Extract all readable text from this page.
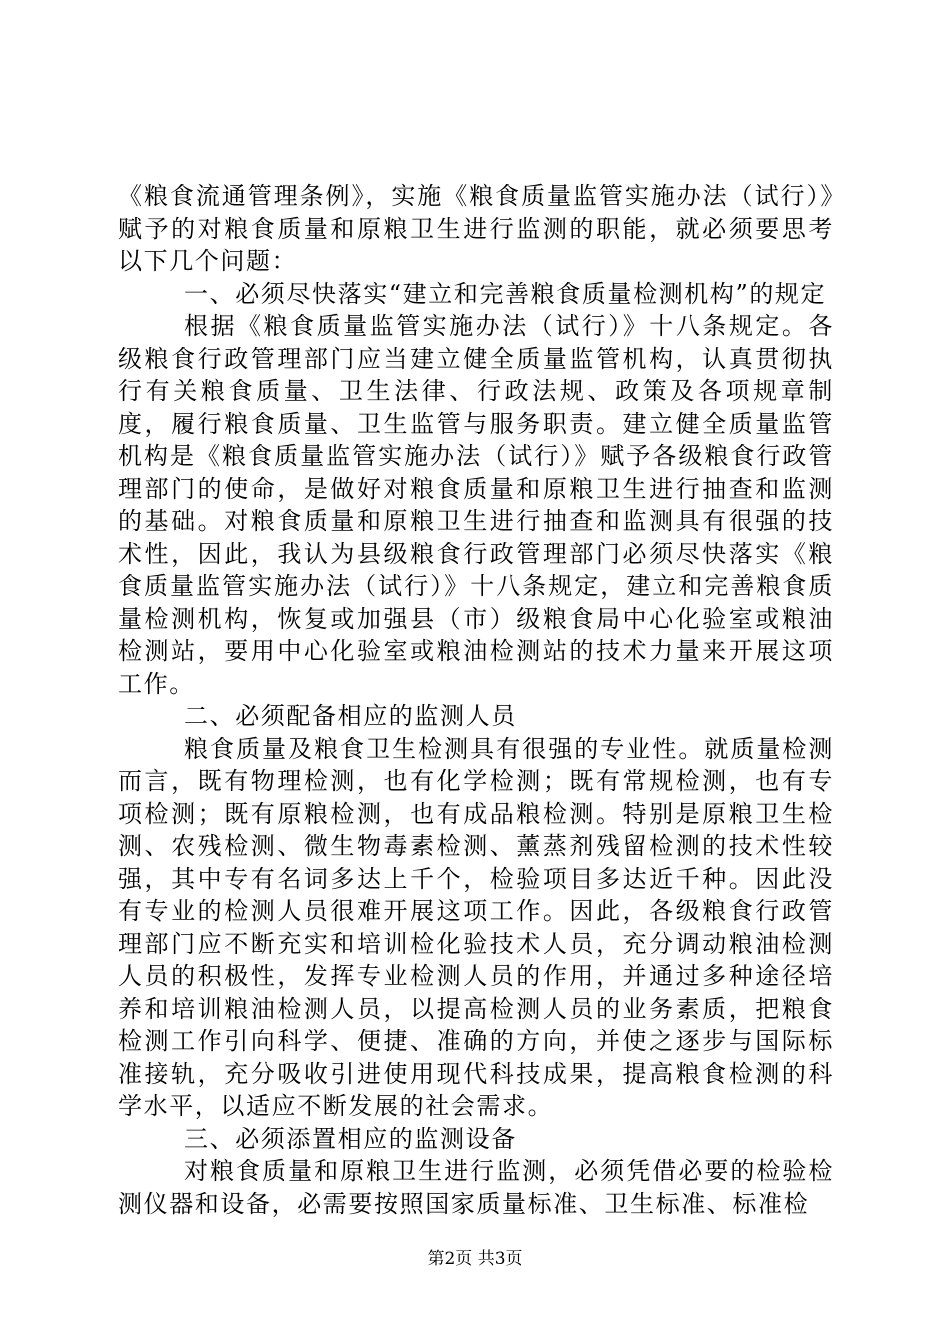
《粮食流通管理条例》，实施《粮食质量监管实施办法（试行）》赋予的对粮食质量和原粮卫生进行监测的职能，就必须要思考以下几个问题：

一、必须尽快落实“建立和完善粮食质量检测机构”的规定

根据《粮食质量监管实施办法（试行）》十八条规定。各级粮食行政管理部门应当建立健全质量监管机构，认真贯彻执行有关粮食质量、卫生法律、行政法规、政策及各项规章制度，履行粮食质量、卫生监管与服务职责。建立健全质量监管机构是《粮食质量监管实施办法（试行）》赋予各级粮食行政管理部门的使命，是做好对粮食质量和原粮卫生进行抽查和监测的基础。对粮食质量和原粮卫生进行抽查和监测具有很强的技术性，因此，我认为县级粮食行政管理部门必须尽快落实《粮食质量监管实施办法（试行）》十八条规定，建立和完善粮食质量检测机构，恢复或加强县（市）级粮食局中心化验室或粮油检测站，要用中心化验室或粮油检测站的技术力量来开展这项工作。

二、必须配备相应的监测人员

粮食质量及粮食卫生检测具有很强的专业性。就质量检测而言，既有物理检测，也有化学检测；既有常规检测，也有专项检测；既有原粮检测，也有成品粮检测。特别是原粮卫生检测、农残检测、微生物毒素检测、薰蒸剂残留检测的技术性较强，其中专有名词多达上千个，检验项目多达近千种。因此没有专业的检测人员很难开展这项工作。因此，各级粮食行政管理部门应不断充实和培训检化验技术人员，充分调动粮油检测人员的积极性，发挥专业检测人员的作用，并通过多种途径培养和培训粮油检测人员，以提高检测人员的业务素质，把粮食检测工作引向科学、便捷、准确的方向，并使之逐步与国际标准接轨，充分吸收引进使用现代科技成果，提高粮食检测的科学水平，以适应不断发展的社会需求。

三、必须添置相应的监测设备

对粮食质量和原粮卫生进行监测，必须凭借必要的检验检测仪器和设备，必需要按照国家质量标准、卫生标准、标准检

第2页 共3页
